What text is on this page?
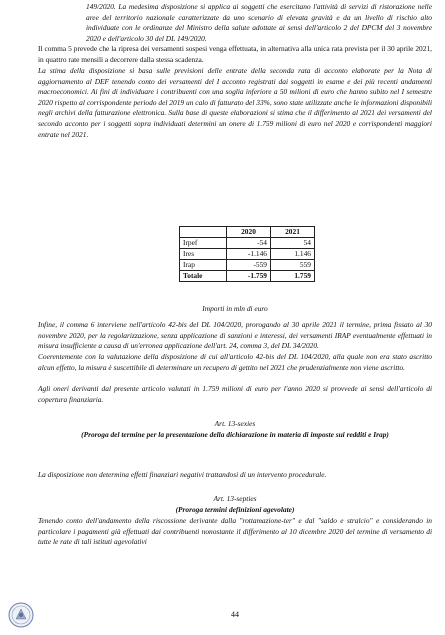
149/2020. La medesima disposizione si applica ai soggetti che esercitano l'attività di servizi di ristorazione nelle aree del territorio nazionale caratterizzate da uno scenario di elevata gravità e da un livello di rischio alto individuate con le ordinanze del Ministro della salute adottate ai sensi dell'articolo 2 del DPCM del 3 novembre 2020 e dell'articolo 30 del DL 149/2020.

Il comma 5 prevede che la ripresa dei versamenti sospesi venga effettuata, in alternativa alla unica rata prevista per il 30 aprile 2021, in quattro rate mensili a decorrere dalla stessa scadenza.

La stima della disposizione si basa sulle previsioni delle entrate della seconda rata di acconto elaborate per la Nota di aggiornamento al DEF tenendo conto dei versamenti del I acconto registrati dai soggetti in esame e dei più recenti andamenti macroeconomici. Ai fini di individuare i contribuenti con una soglia inferiore a 50 milioni di euro che hanno subito nel I semestre 2020 rispetto al corrispondente periodo del 2019 un calo di fatturato del 33%, sono state utilizzate anche le informazioni disponibili negli archivi della fatturazione elettronica. Sulla base di queste elaborazioni si stima che il differimento al 2021 dei versamenti del secondo acconto per i soggetti sopra individuati determini un onere di 1.759 milioni di euro nel 2020 e corrispondenti maggiori entrate nel 2021.

	2020	2021
Irpef	-54	54
Ires	-1.146	1.146
Irap	-559	559
Totale	-1.759	1.759
Importi in mln di euro

Infine, il comma 6 interviene nell'articolo 42-bis del DL 104/2020, prorogando al 30 aprile 2021 il termine, prima fissato al 30 novembre 2020, per la regolarizzazione, senza applicazione di sanzioni e interessi, dei versamenti IRAP eventualmente effettuati in misura insufficiente a causa di un'erronea applicazione dell'art. 24, comma 3, del DL 34/2020.

Coerentemente con la valutazione della disposizione di cui all'articolo 42-bis del DL 104/2020, alla quale non era stato ascritto alcun effetto, la misura è suscettibile di determinare un recupero di gettito nel 2021 che prudenzialmente non viene ascritto.

Agli oneri derivanti dal presente articolo valutati in 1.759 milioni di euro per l'anno 2020 si provvede ai sensi dell'articolo di copertura finanziaria.

Art. 13-sexies

(Proroga del termine per la presentazione della dichiarazione in materia di imposte sui redditi e Irap)

La disposizione non determina effetti finanziari negativi trattandosi di un intervento procedurale.

Art. 13-septies

(Proroga termini definizioni agevolate)

Tenendo conto dell'andamento della riscossione derivante dalla "rottamazione-ter" e dal "saldo e stralcio" e considerando in particolare i pagamenti già effettuati dai contribuenti nonostante il differimento al 10 dicembre 2020 del termine di versamento di tutte le rate di tali istituti agevolativi

44
